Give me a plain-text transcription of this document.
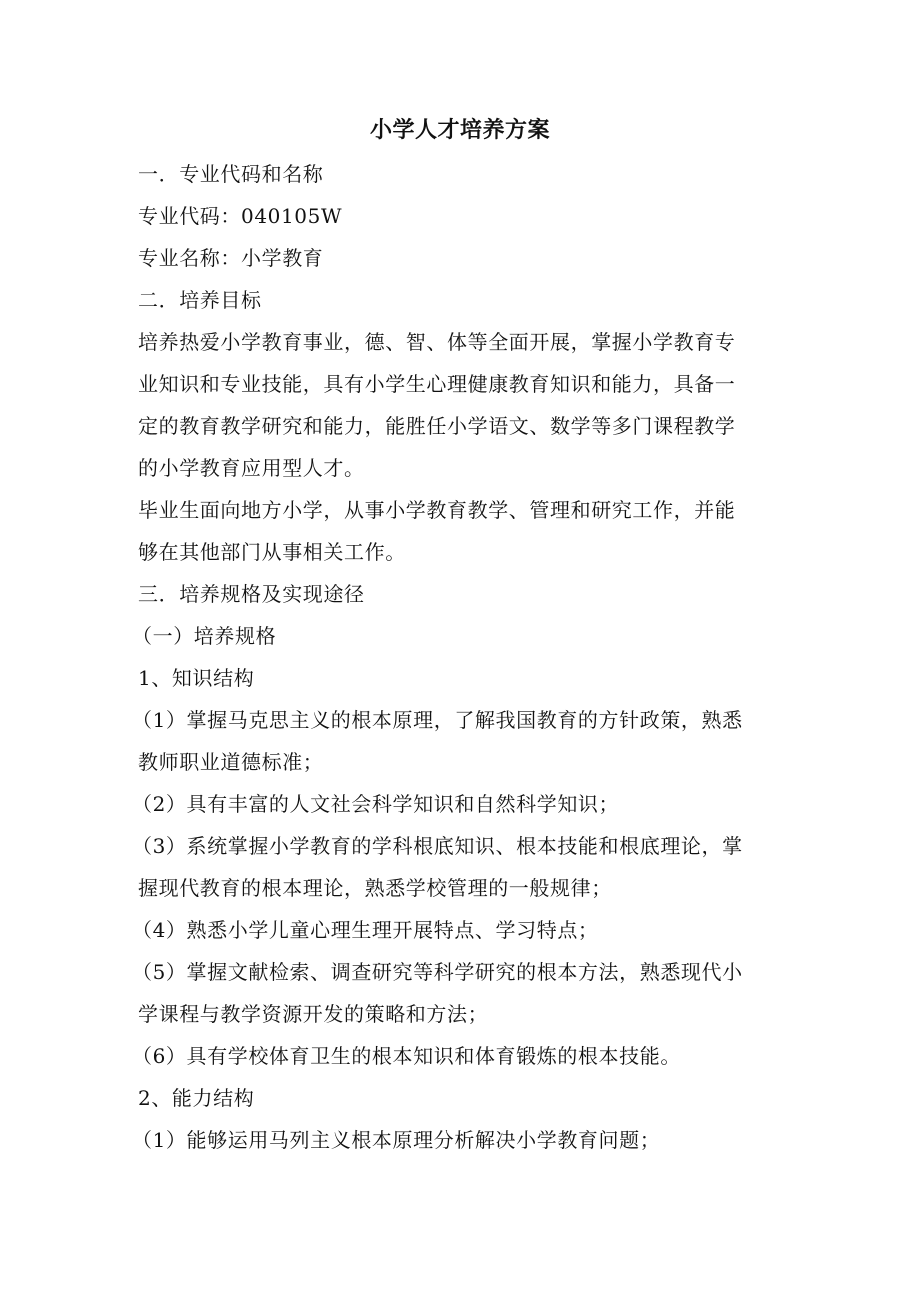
小学人才培养方案
一．专业代码和名称
专业代码：040105W
专业名称：小学教育
二．培养目标
培养热爱小学教育事业，德、智、体等全面开展，掌握小学教育专
业知识和专业技能，具有小学生心理健康教育知识和能力，具备一
定的教育教学研究和能力，能胜任小学语文、数学等多门课程教学
的小学教育应用型人才。
毕业生面向地方小学，从事小学教育教学、管理和研究工作，并能
够在其他部门从事相关工作。
三．培养规格及实现途径
（一）培养规格
1、知识结构
（1）掌握马克思主义的根本原理，了解我国教育的方针政策，熟悉
教师职业道德标准；
（2）具有丰富的人文社会科学知识和自然科学知识；
（3）系统掌握小学教育的学科根底知识、根本技能和根底理论，掌
握现代教育的根本理论，熟悉学校管理的一般规律；
（4）熟悉小学儿童心理生理开展特点、学习特点；
（5）掌握文献检索、调查研究等科学研究的根本方法，熟悉现代小
学课程与教学资源开发的策略和方法；
（6）具有学校体育卫生的根本知识和体育锻炼的根本技能。
2、能力结构
（1）能够运用马列主义根本原理分析解决小学教育问题；
